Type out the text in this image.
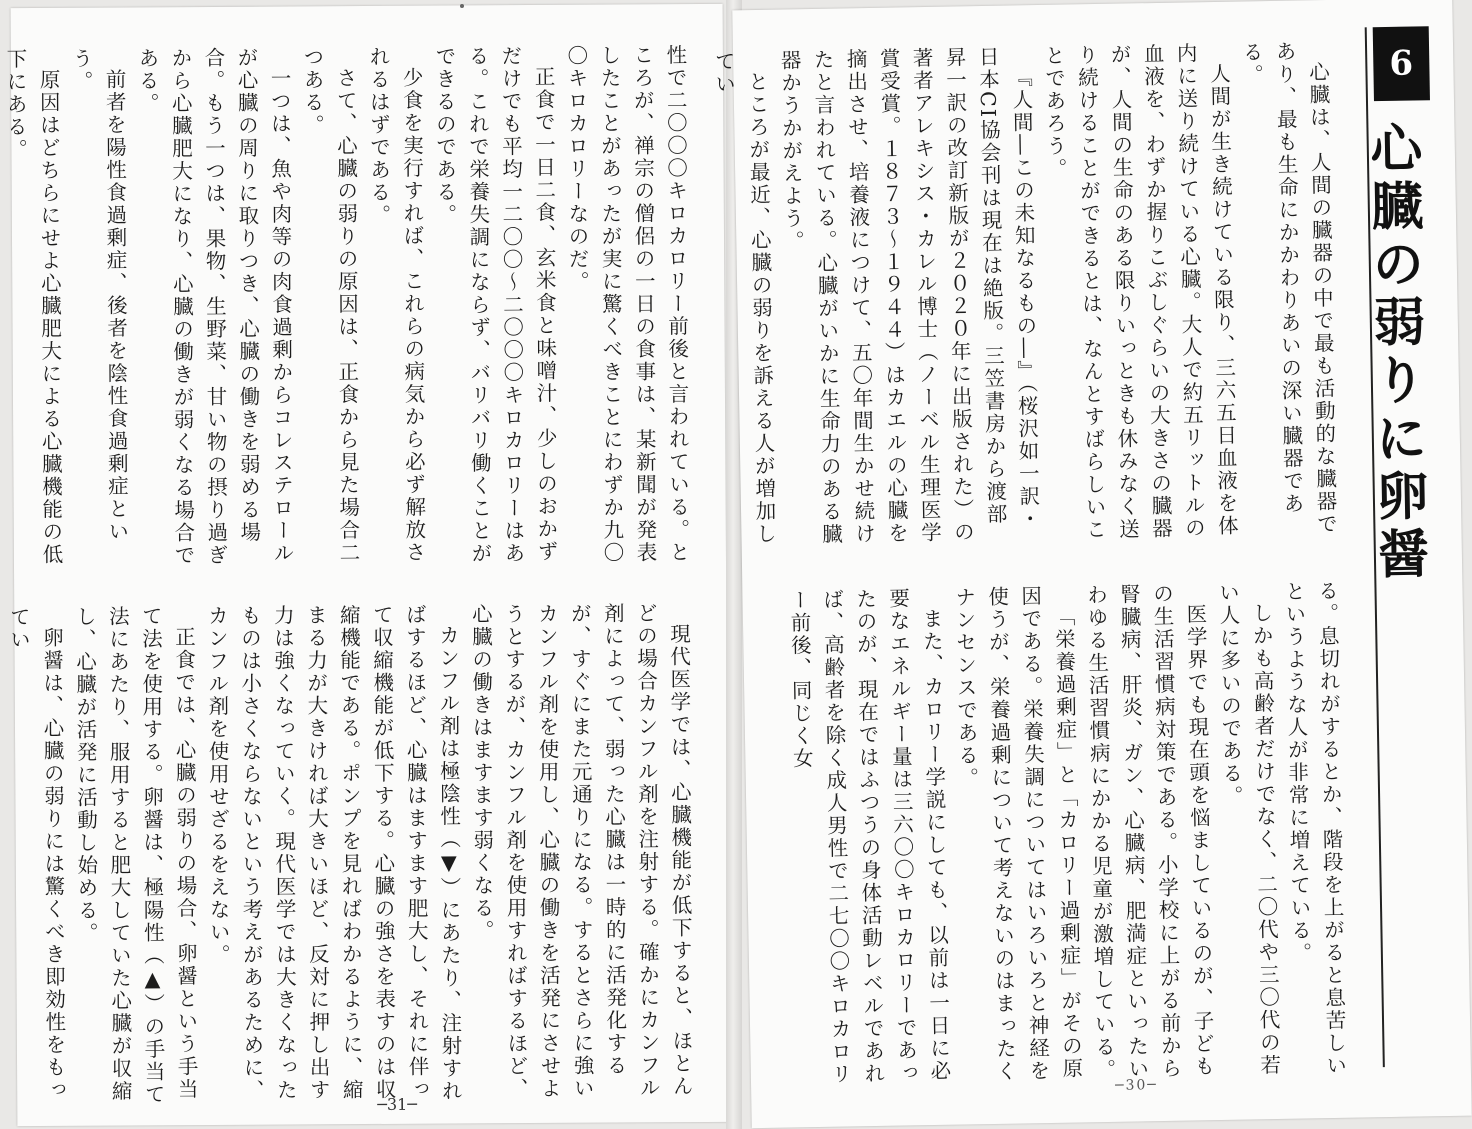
性で二〇〇〇キロカロリー前後と言われている。ところが、禅宗の僧侶の一日の食事は、某新聞が発表したことがあったが実に驚くべきことにわずか九〇〇キロカロリーなのだ。

正食で一日二食、玄米食と味噌汁、少しのおかずだけでも平均一二〇〇～二〇〇〇キロカロリーはある。これで栄養失調にならず、バリバリ働くことができるのである。

少食を実行すれば、これらの病気から必ず解放されるはずである。

さて、心臓の弱りの原因は、正食から見た場合二つある。

一つは、魚や肉等の肉食過剰からコレステロールが心臓の周りに取りつき、心臓の働きを弱める場合。もう一つは、果物、生野菜、甘い物の摂り過ぎから心臓肥大になり、心臓の働きが弱くなる場合である。

前者を陽性食過剰症、後者を陰性食過剰症という。

原因はどちらにせよ心臓肥大による心臓機能の低下にある。

現代医学では、心臓機能が低下すると、ほとんどの場合カンフル剤を注射する。確かにカンフル剤によって、弱った心臓は一時的に活発化するが、すぐにまた元通りになる。するとさらに強いカンフル剤を使用し、心臓の働きを活発にさせようとするが、カンフル剤を使用すればするほど、心臓の働きはますます弱くなる。

カンフル剤は極陰性（▼）にあたり、注射すればするほど、心臓はますます肥大し、それに伴って収縮機能が低下する。心臓の強さを表すのは収縮機能である。ポンプを見ればわかるように、縮まる力が大きければ大きいほど、反対に押し出す力は強くなっていく。現代医学では大きくなったものは小さくならないという考えがあるために、カンフル剤を使用せざるをえない。

正食では、心臓の弱りの場合、卵醤という手当て法を使用する。卵醤は、極陽性（▲）の手当て法にあたり、服用すると肥大していた心臓が収縮し、心臓が活発に活動し始める。

卵醤は、心臓の弱りには驚くべき即効性をもってい

─31─
6
心臓の弱りに卵醤

心臓は、人間の臓器の中で最も活動的な臓器であり、最も生命にかかわりあいの深い臓器である。

人間が生き続けている限り、三六五日血液を体内に送り続けている心臓。大人で約五リットルの血液を、わずか握りこぶしぐらいの大きさの臓器が、人間の生命のある限りいっときも休みなく送り続けることができるとは、なんとすばらしいことであろう。

『人間―この未知なるもの―』（桜沢如一訳・日本CI協会刊は現在は絶版。三笠書房から渡部昇一訳の改訂新版が２０２０年に出版された）の著者アレキシス・カレル博士（ノーベル生理医学賞受賞。１８７３～１９４４）はカエルの心臓を摘出させ、培養液につけて、五〇年間生かせ続けたと言われている。心臓がいかに生命力のある臓器かうかがえよう。

ところが最近、心臓の弱りを訴える人が増加してい

る。息切れがするとか、階段を上がると息苦しいというような人が非常に増えている。

しかも高齢者だけでなく、二〇代や三〇代の若い人に多いのである。

医学界でも現在頭を悩ましているのが、子どもの生活習慣病対策である。小学校に上がる前から腎臓病、肝炎、ガン、心臓病、肥満症といったいわゆる生活習慣病にかかる児童が激増している。

「栄養過剰症」と「カロリー過剰症」がその原因である。栄養失調についてはいろいろと神経を使うが、栄養過剰について考えないのはまったくナンセンスである。

また、カロリー学説にしても、以前は一日に必要なエネルギー量は三六〇〇キロカロリーであったのが、現在ではふつうの身体活動レベルであれば、高齢者を除く成人男性で二七〇〇キロカロリー前後、同じく女

─30─
